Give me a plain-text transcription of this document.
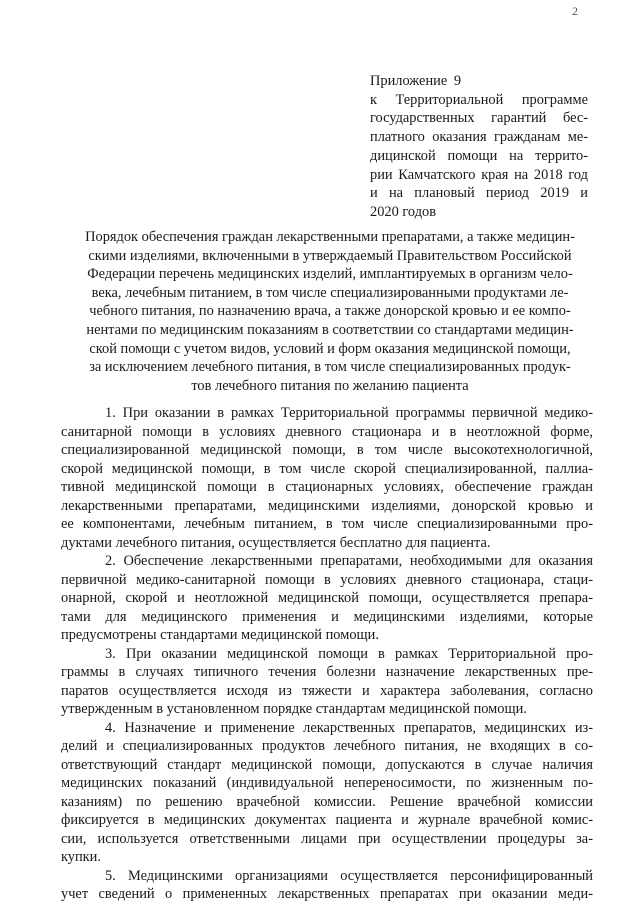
2
Приложение 9
к Территориальной программе
государственных гарантий бес-
платного оказания гражданам ме-
дицинской помощи на террито-
рии Камчатского края на 2018 год
и на плановый период 2019 и
2020 годов
Порядок обеспечения граждан лекарственными препаратами, а также медицин-
скими изделиями, включенными в утверждаемый Правительством Российской
Федерации перечень медицинских изделий, имплантируемых в организм чело-
века, лечебным питанием, в том числе специализированными продуктами ле-
чебного питания, по назначению врача, а также донорской кровью и ее компо-
нентами по медицинским показаниям в соответствии со стандартами медицин-
ской помощи с учетом видов, условий и форм оказания медицинской помощи,
за исключением лечебного питания, в том числе специализированных продук-
тов лечебного питания по желанию пациента
1. При оказании в рамках Территориальной программы первичной медико-
санитарной помощи в условиях дневного стационара и в неотложной форме,
специализированной медицинской помощи, в том числе высокотехнологичной,
скорой медицинской помощи, в том числе скорой специализированной, паллиа-
тивной медицинской помощи в стационарных условиях, обеспечение граждан
лекарственными препаратами, медицинскими изделиями, донорской кровью и
ее компонентами, лечебным питанием, в том числе специализированными про-
дуктами лечебного питания, осуществляется бесплатно для пациента.
2. Обеспечение лекарственными препаратами, необходимыми для оказания
первичной медико-санитарной помощи в условиях дневного стационара, стаци-
онарной, скорой и неотложной медицинской помощи, осуществляется препара-
тами для медицинского применения и медицинскими изделиями, которые
предусмотрены стандартами медицинской помощи.
3. При оказании медицинской помощи в рамках Территориальной про-
граммы в случаях типичного течения болезни назначение лекарственных пре-
паратов осуществляется исходя из тяжести и характера заболевания, согласно
утвержденным в установленном порядке стандартам медицинской помощи.
4. Назначение и применение лекарственных препаратов, медицинских из-
делий и специализированных продуктов лечебного питания, не входящих в со-
ответствующий стандарт медицинской помощи, допускаются в случае наличия
медицинских показаний (индивидуальной непереносимости, по жизненным по-
казаниям) по решению врачебной комиссии. Решение врачебной комиссии
фиксируется в медицинских документах пациента и журнале врачебной комис-
сии, используется ответственными лицами при осуществлении процедуры за-
купки.
5. Медицинскими организациями осуществляется персонифицированный
учет сведений о примененных лекарственных препаратах при оказании меди-
